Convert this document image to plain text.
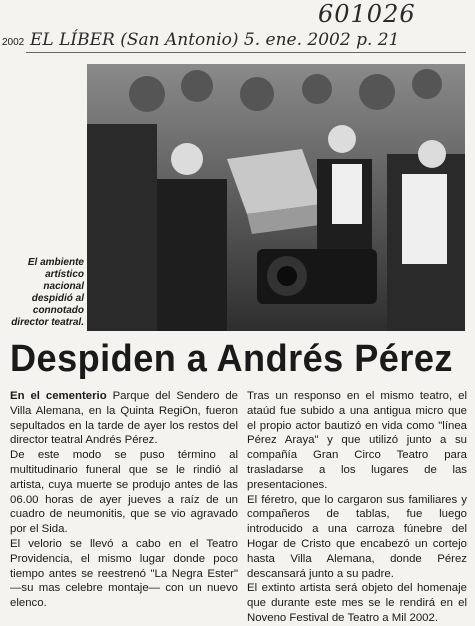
601026
2002 EL LÍBER (San Antonio) 5. ene. 2002 p. 21
El ambiente artístico nacional despidió al connotado director teatral.
Despiden a Andrés Pérez

En el cementerio Parque del Sendero de Villa Alemana, en la Quinta RegiOn, fueron sepultados en la tarde de ayer los restos del director teatral Andrés Pérez.

De este modo se puso término al multitudinario funeral que se le rindió al artista, cuya muerte se produjo antes de las 06.00 horas de ayer jueves a raíz de un cuadro de neumonitis, que se vio agravado por el Sida.

El velorio se llevó a cabo en el Teatro Providencia, el mismo lugar donde poco tiempo antes se reestrenó "La Negra Ester" —su mas celebre montaje— con un nuevo elenco.

Tras un responso en el mismo teatro, el ataúd fue subido a una antigua micro que el propio actor bautizó en vida como "línea Pérez Araya" y que utilizó junto a su compañía Gran Circo Teatro para trasladarse a los lugares de las presentaciones.

El féretro, que lo cargaron sus familiares y compañeros de tablas, fue luego introducido a una carroza fúnebre del Hogar de Cristo que encabezó un cortejo hasta Villa Alemana, donde Pérez descansará junto a su padre.

El extinto artista será objeto del homenaje que durante este mes se le rendirá en el Noveno Festival de Teatro a Mil 2002.
